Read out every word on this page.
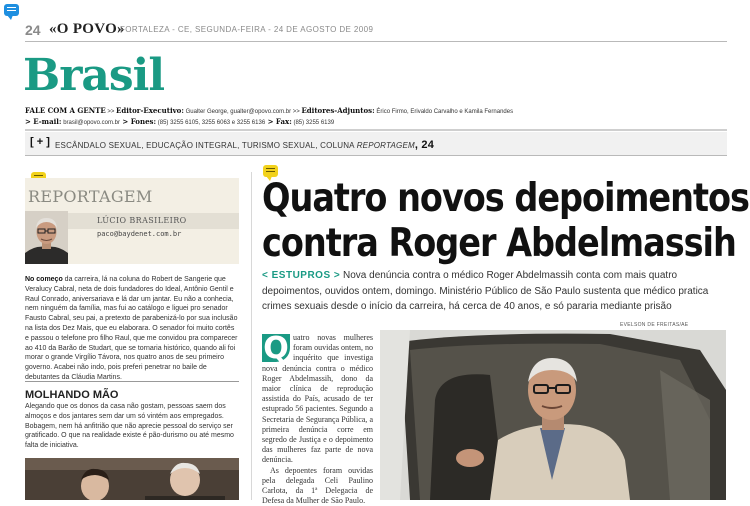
24 «O POVO»
FORTALEZA - CE, SEGUNDA-FEIRA - 24 DE AGOSTO DE 2009
Brasil
FALE COM A GENTE >> Editor-Executivo: Gualter George, gualter@opovo.com.br >> Editores-Adjuntos: Érico Firmo, Erivaldo Carvalho e Kamila Fernandes
> E-mail: brasil@opovo.com.br > Fones: (85) 3255 6105, 3255 6063 e 3255 6136 > Fax: (85) 3255 6139
[ + ] ESCÂNDALO SEXUAL, EDUCAÇÃO INTEGRAL, TURISMO SEXUAL, COLUNA REPORTAGEM, 24
REPORTAGEM
LÚCIO BRASILEIRO
paco@baydenet.com.br
No começo da carreira, lá na coluna do Robert de Sangerie que Veralucy Cabral, neta de dois fundadores do Ideal, Antônio Gentil e Raul Conrado, aniversariava e lá dar um jantar. Eu não a conhecia, nem ninguém da família, mas fui ao catálogo e liguei pro senador Fausto Cabral, seu pai, a pretexto de parabenizá-lo por sua inclusão na lista dos Dez Mais, que eu elaborara. O senador foi muito cortês e passou o telefone pro filho Raul, que me convidou pra comparecer ao 410 da Barão de Studart, que se tornaria histórico, quando ali foi morar o grande Virgílio Távora, nos quatro anos de seu primeiro governo. Acabei não indo, pois preferi penetrar no baile de debutantes da Cláudia Martins.
MOLHANDO MÃO
Alegando que os donos da casa não gostam, pessoas saem dos almoços e dos jantares sem dar um só vintém aos empregados. Bobagem, nem há anfitrião que não aprecie pessoal do serviço ser gratificado. O que na realidade existe é pão-durismo ou até mesmo falta de iniciativa.
Quatro novos depoimentos
contra Roger Abdelmassih
< ESTUPROS > Nova denúncia contra o médico Roger Abdelmassih conta com mais quatro depoimentos, ouvidos ontem, domingo. Ministério Público de São Paulo sustenta que médico pratica crimes sexuais desde o início da carreira, há cerca de 40 anos, e só pararia mediante prisão
EVELSON DE FREITAS/AE
Q uatro novas mulheres foram ouvidas ontem, no inquérito que investiga nova denúncia contra o médico Roger Abdelmassih, dono da maior clínica de reprodução assistida do País, acusado de ter estuprado 56 pacientes. Segundo a Secretaria de Segurança Pública, a primeira denúncia corre em segredo de Justiça e o depoimento das mulheres faz parte de nova denúncia.
As depoentes foram ouvidas pela delegada Celi Paulino Carlota, da 1ª Delegacia de Defesa da Mulher de São Paulo.
